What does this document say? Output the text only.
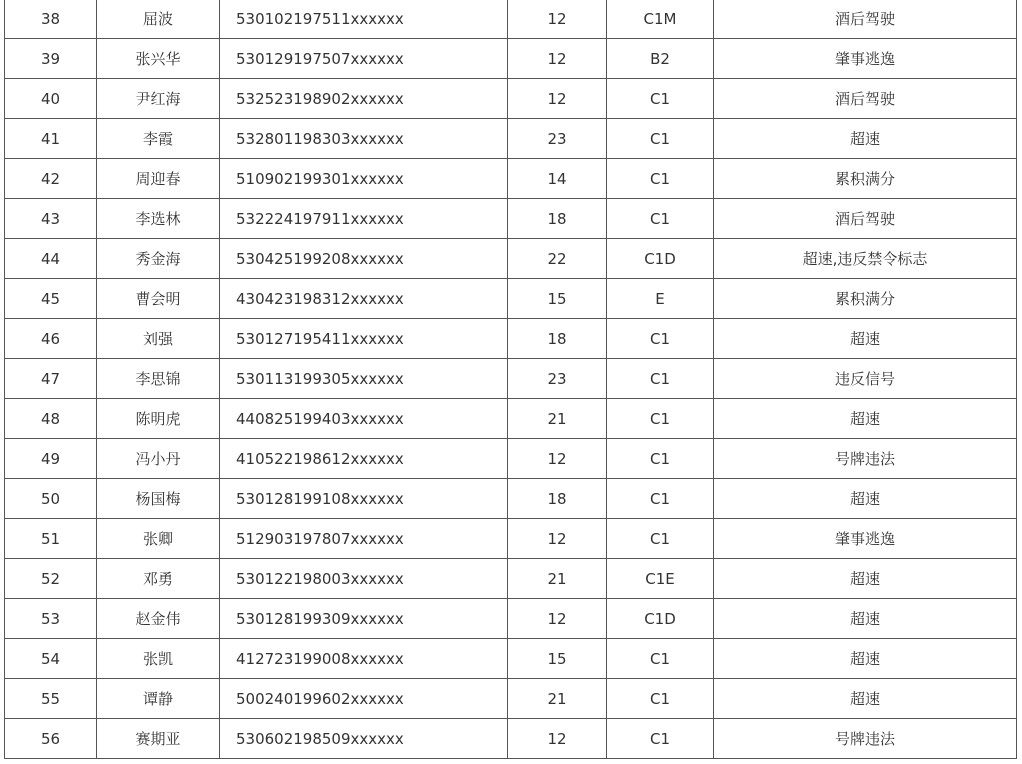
38	屈波	530102197511xxxxxx	12	C1M	酒后驾驶
39	张兴华	530129197507xxxxxx	12	B2	肇事逃逸
40	尹红海	532523198902xxxxxx	12	C1	酒后驾驶
41	李霞	532801198303xxxxxx	23	C1	超速
42	周迎春	510902199301xxxxxx	14	C1	累积满分
43	李选林	532224197911xxxxxx	18	C1	酒后驾驶
44	秀金海	530425199208xxxxxx	22	C1D	超速,违反禁令标志
45	曹会明	430423198312xxxxxx	15	E	累积满分
46	刘强	530127195411xxxxxx	18	C1	超速
47	李思锦	530113199305xxxxxx	23	C1	违反信号
48	陈明虎	440825199403xxxxxx	21	C1	超速
49	冯小丹	410522198612xxxxxx	12	C1	号牌违法
50	杨国梅	530128199108xxxxxx	18	C1	超速
51	张卿	512903197807xxxxxx	12	C1	肇事逃逸
52	邓勇	530122198003xxxxxx	21	C1E	超速
53	赵金伟	530128199309xxxxxx	12	C1D	超速
54	张凯	412723199008xxxxxx	15	C1	超速
55	谭静	500240199602xxxxxx	21	C1	超速
56	赛期亚	530602198509xxxxxx	12	C1	号牌违法
